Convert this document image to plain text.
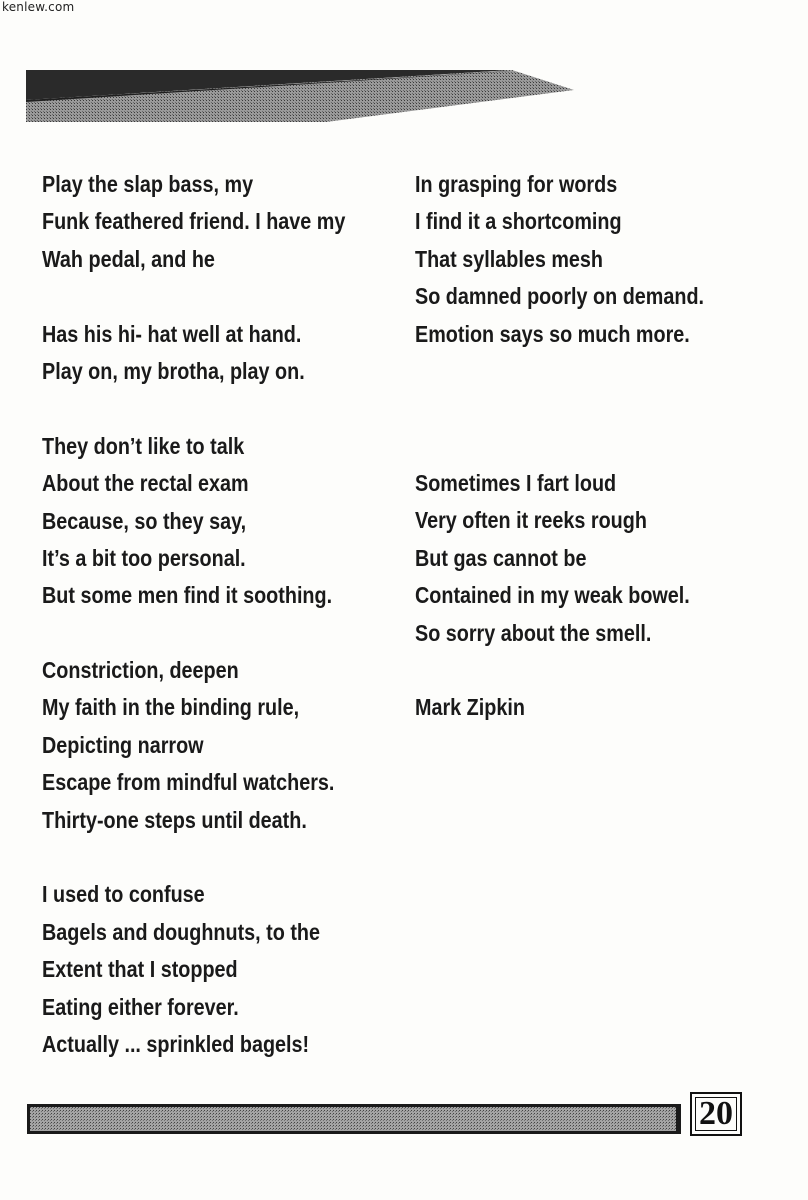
kenlew.com
Play the slap bass, my
Funk feathered friend. I have my
Wah pedal, and he
Has his hi- hat well at hand.
Play on, my brotha, play on.
They don’t like to talk
About the rectal exam
Because, so they say,
It’s a bit too personal.
But some men find it soothing.
Constriction, deepen
My faith in the binding rule,
Depicting narrow
Escape from mindful watchers.
Thirty-one steps until death.
I used to confuse
Bagels and doughnuts, to the
Extent that I stopped
Eating either forever.
Actually ... sprinkled bagels!
In grasping for words
I find it a shortcoming
That syllables mesh
So damned poorly on demand.
Emotion says so much more.
Sometimes I fart loud
Very often it reeks rough
But gas cannot be
Contained in my weak bowel.
So sorry about the smell.
Mark Zipkin
20
